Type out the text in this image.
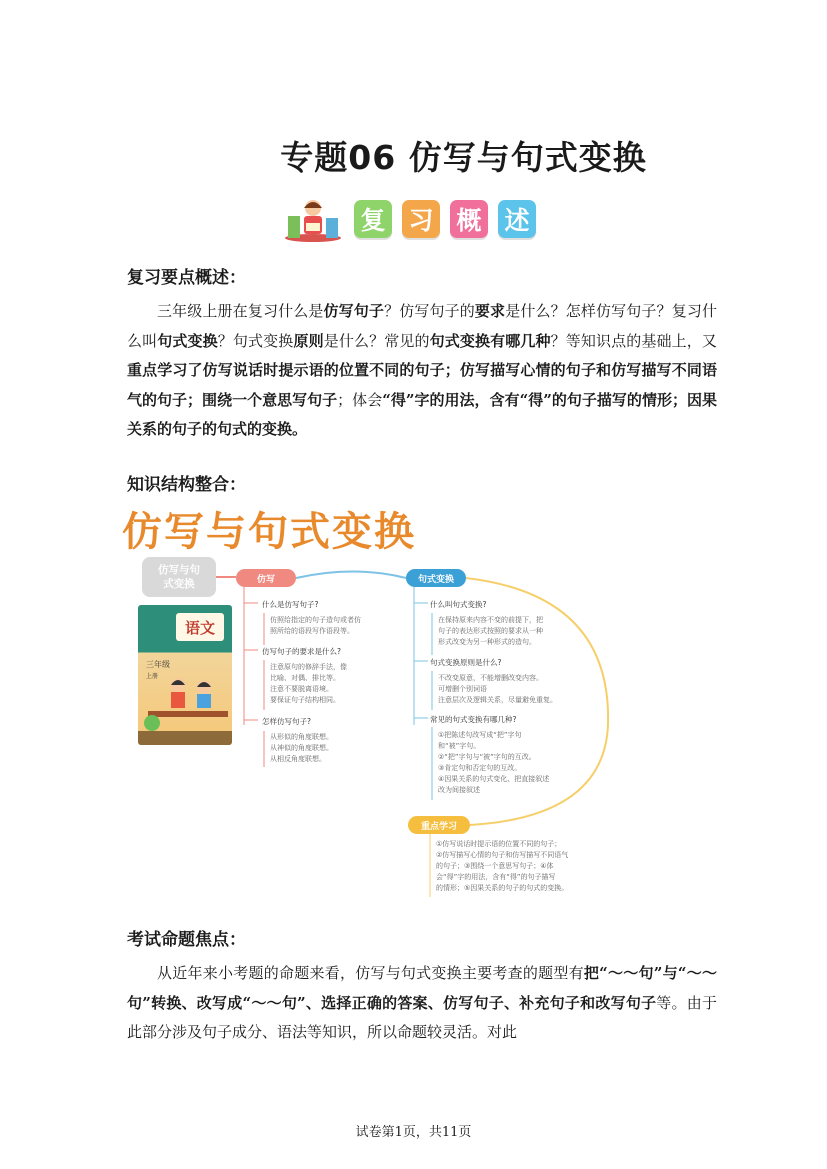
专题06 仿写与句式变换
复 习 概 述
复习要点概述：
三年级上册在复习什么是仿写句子？仿写句子的要求是什么？怎样仿写句子？复习什么叫句式变换？句式变换原则是什么？常见的句式变换有哪几种？等知识点的基础上，又重点学习了仿写说话时提示语的位置不同的句子；仿写描写心情的句子和仿写描写不同语气的句子；围绕一个意思写句子；体会“得”字的用法，含有“得”的句子描写的情形；因果关系的句子的句式的变换。
知识结构整合：
仿写与句式变换
仿写与句式变换
语文
三年级
上册
仿写	句式变换
重点学习
什么是仿写句子?
仿照给指定的句子造句或者仿
照所给的语段写作语段等。
仿写句子的要求是什么?
注意原句的修辞手法，像
比喻、对偶、排比等。
注意不要脱离语境。
要保证句子结构相同。
怎样仿写句子?
从形似的角度联想。
从神似的角度联想。
从相反角度联想。
什么叫句式变换?
在保持原来内容不变的前提下，把
句子的表达形式按照的要求从一种
形式改变为另一种形式的造句。
句式变换原则是什么?
不改变原意，不能增删改变内容。
可增删个别词语
注意层次及逻辑关系，尽量避免重复。
常见的句式变换有哪几种?
①把陈述句改写成“把”字句
和“被”字句。
②“把”字句与“被”字句的互改。
③肯定句和否定句的互改。
④因果关系的句式变化、把直接叙述
改为间接叙述
①仿写说话时提示语的位置不同的句子；
②仿写描写心情的句子和仿写描写不同语气
的句子；③围绕一个意思写句子；④体
会“得”字的用法，含有“得”的句子描写
的情形；⑤因果关系的句子的句式的变换。
考试命题焦点：
从近年来小考题的命题来看，仿写与句式变换主要考查的题型有把“～～句”与“～～句”转换、改写成“～～句”、选择正确的答案、仿写句子、补充句子和改写句子等。由于此部分涉及句子成分、语法等知识，所以命题较灵活。对此
试卷第1页，共11页
